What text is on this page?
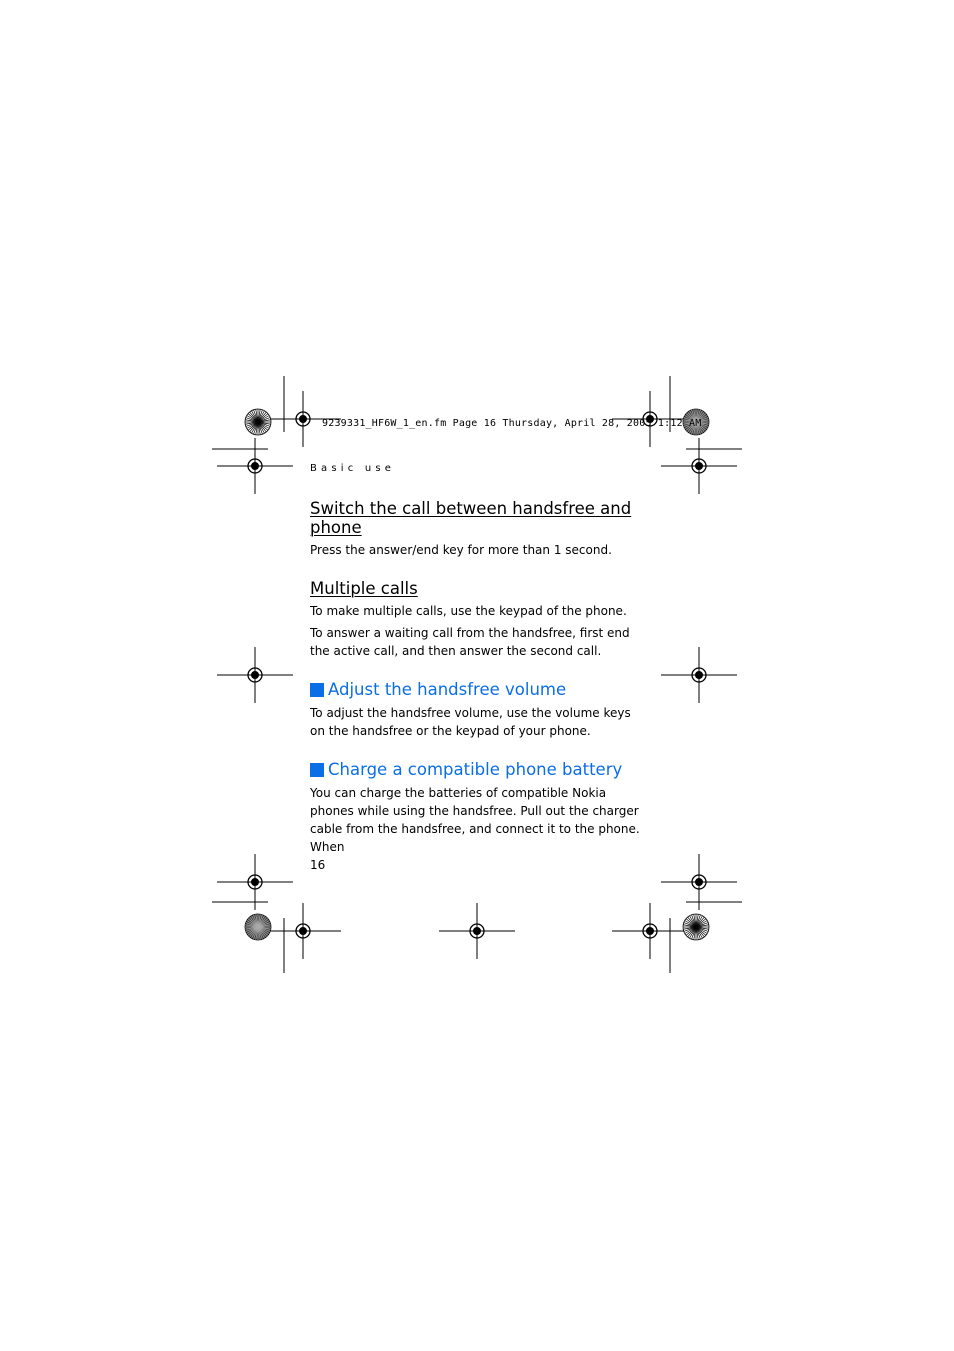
9239331_HF6W_1_en.fm Page 16 Thursday, April 28, 2005 1:12 AM
Basic use
Switch the call between handsfree and phone
Press the answer/end key for more than 1 second.
Multiple calls
To make multiple calls, use the keypad of the phone.
To answer a waiting call from the handsfree, first end the active call, and then answer the second call.
Adjust the handsfree volume
To adjust the handsfree volume, use the volume keys on the handsfree or the keypad of your phone.
Charge a compatible phone battery
You can charge the batteries of compatible Nokia phones while using the handsfree. Pull out the charger cable from the handsfree, and connect it to the phone. When
16
